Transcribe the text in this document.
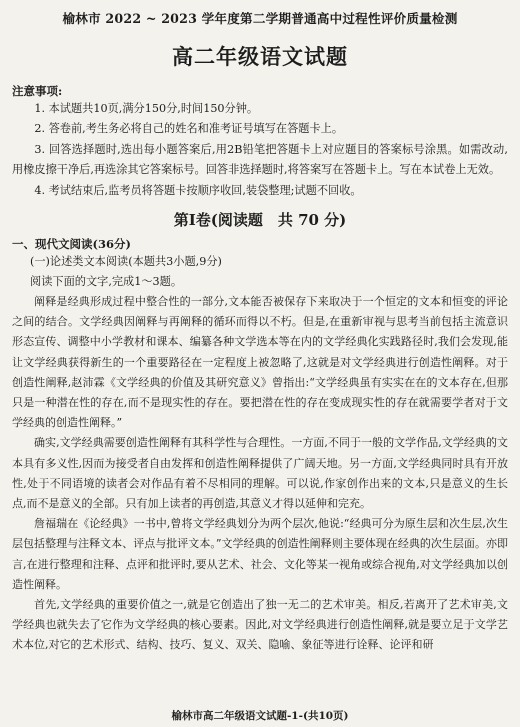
榆林市 2022 ~ 2023 学年度第二学期普通高中过程性评价质量检测
高二年级语文试题
注意事项:

1. 本试题共10页,满分150分,时间150分钟。

2. 答卷前,考生务必将自己的姓名和准考证号填写在答题卡上。

3. 回答选择题时,选出每小题答案后,用2B铅笔把答题卡上对应题目的答案标号涂黑。如需改动,用橡皮擦干净后,再选涂其它答案标号。回答非选择题时,将答案写在答题卡上。写在本试卷上无效。

4. 考试结束后,监考员将答题卡按顺序收回,装袋整理;试题不回收。

第Ⅰ卷(阅读题　共 70 分)
一、现代文阅读(36分)
(一)论述类文本阅读(本题共3小题,9分)
阅读下面的文字,完成1～3题。

阐释是经典形成过程中整合性的一部分,文本能否被保存下来取决于一个恒定的文本和恒变的评论之间的结合。文学经典因阐释与再阐释的循环而得以不朽。但是,在重新审视与思考当前包括主流意识形态宣传、调整中小学教材和课本、编纂各种文学选本等在内的文学经典化实践路径时,我们会发现,能让文学经典获得新生的一个重要路径在一定程度上被忽略了,这就是对文学经典进行创造性阐释。对于创造性阐释,赵沛霖《文学经典的价值及其研究意义》曾指出:“文学经典虽有实实在在的文本存在,但那只是一种潜在性的存在,而不是现实性的存在。要把潜在性的存在变成现实性的存在就需要学者对于文学经典的创造性阐释。”

确实,文学经典需要创造性阐释有其科学性与合理性。一方面,不同于一般的文学作品,文学经典的文本具有多义性,因而为接受者自由发挥和创造性阐释提供了广阔天地。另一方面,文学经典同时具有开放性,处于不同语境的读者会对作品有着不尽相同的理解。可以说,作家创作出来的文本,只是意义的生长点,而不是意义的全部。只有加上读者的再创造,其意义才得以延伸和完充。

詹福瑞在《论经典》一书中,曾将文学经典划分为两个层次,他说:“经典可分为原生层和次生层,次生层包括整理与注释文本、评点与批评文本。”文学经典的创造性阐释则主要体现在经典的次生层面。亦即言,在进行整理和注释、点评和批评时,要从艺术、社会、文化等某一视角或综合视角,对文学经典加以创造性阐释。

首先,文学经典的重要价值之一,就是它创造出了独一无二的艺术审美。相反,若离开了艺术审美,文学经典也就失去了它作为文学经典的核心要素。因此,对文学经典进行创造性阐释,就是要立足于文学艺术本位,对它的艺术形式、结构、技巧、复义、双关、隐喻、象征等进行诠释、论评和研

榆林市高二年级语文试题-1-(共10页)
